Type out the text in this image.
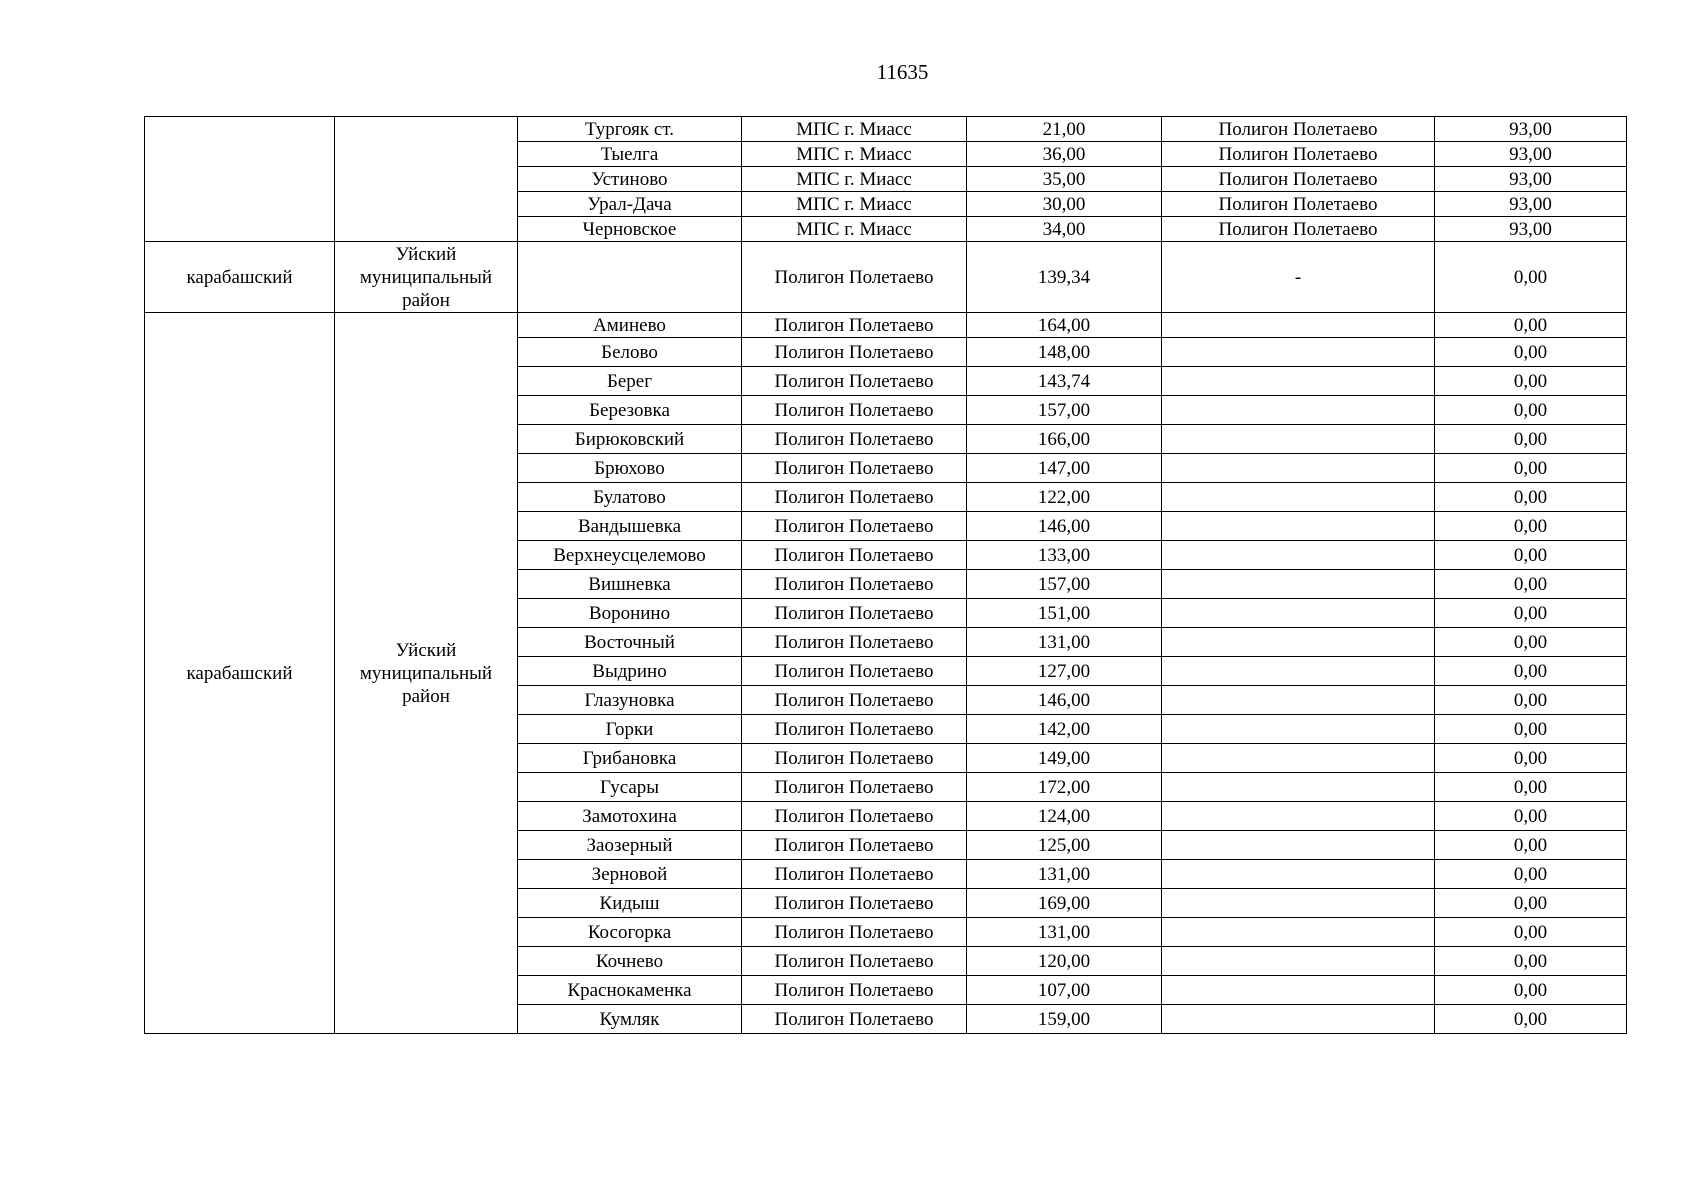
11635
		Тургояк ст.	МПС г. Миасс	21,00	Полигон Полетаево	93,00
		Тыелга	МПС г. Миасс	36,00	Полигон Полетаево	93,00
		Устиново	МПС г. Миасс	35,00	Полигон Полетаево	93,00
		Урал-Дача	МПС г. Миасс	30,00	Полигон Полетаево	93,00
		Черновское	МПС г. Миасс	34,00	Полигон Полетаево	93,00
карабашский	Уйский муниципальный район		Полигон Полетаево	139,34	-	0,00
карабашский	Уйский муниципальный район	Аминево	Полигон Полетаево	164,00		0,00
		Белово	Полигон Полетаево	148,00		0,00
		Берег	Полигон Полетаево	143,74		0,00
		Березовка	Полигон Полетаево	157,00		0,00
		Бирюковский	Полигон Полетаево	166,00		0,00
		Брюхово	Полигон Полетаево	147,00		0,00
		Булатово	Полигон Полетаево	122,00		0,00
		Вандышевка	Полигон Полетаево	146,00		0,00
		Верхнеусцелемово	Полигон Полетаево	133,00		0,00
		Вишневка	Полигон Полетаево	157,00		0,00
		Воронино	Полигон Полетаево	151,00		0,00
		Восточный	Полигон Полетаево	131,00		0,00
		Выдрино	Полигон Полетаево	127,00		0,00
		Глазуновка	Полигон Полетаево	146,00		0,00
		Горки	Полигон Полетаево	142,00		0,00
		Грибановка	Полигон Полетаево	149,00		0,00
		Гусары	Полигон Полетаево	172,00		0,00
		Замотохина	Полигон Полетаево	124,00		0,00
		Заозерный	Полигон Полетаево	125,00		0,00
		Зерновой	Полигон Полетаево	131,00		0,00
		Кидыш	Полигон Полетаево	169,00		0,00
		Косогорка	Полигон Полетаево	131,00		0,00
		Кочнево	Полигон Полетаево	120,00		0,00
		Краснокаменка	Полигон Полетаево	107,00		0,00
		Кумляк	Полигон Полетаево	159,00		0,00
